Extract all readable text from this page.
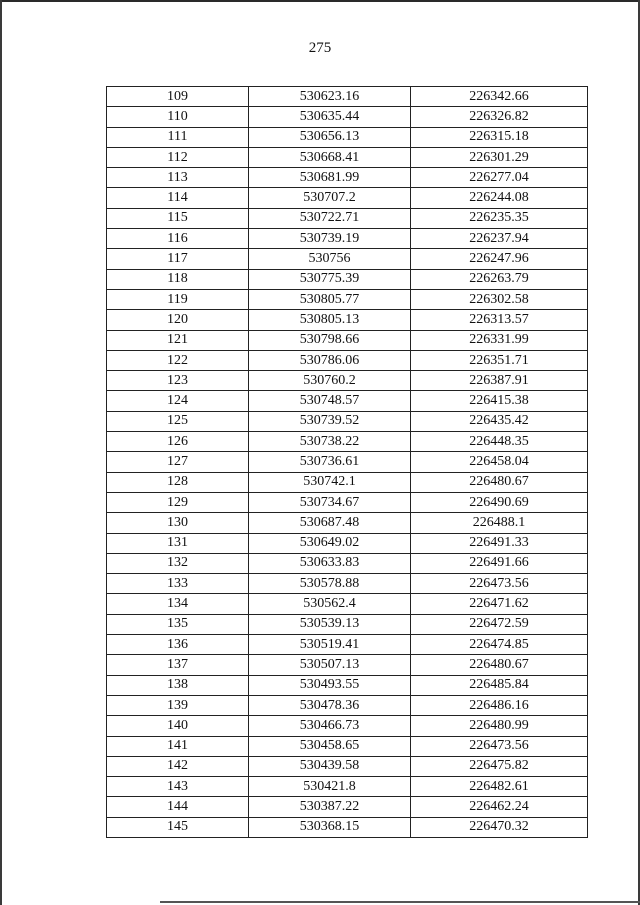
275
109	530623.16	226342.66
110	530635.44	226326.82
111	530656.13	226315.18
112	530668.41	226301.29
113	530681.99	226277.04
114	530707.2	226244.08
115	530722.71	226235.35
116	530739.19	226237.94
117	530756	226247.96
118	530775.39	226263.79
119	530805.77	226302.58
120	530805.13	226313.57
121	530798.66	226331.99
122	530786.06	226351.71
123	530760.2	226387.91
124	530748.57	226415.38
125	530739.52	226435.42
126	530738.22	226448.35
127	530736.61	226458.04
128	530742.1	226480.67
129	530734.67	226490.69
130	530687.48	226488.1
131	530649.02	226491.33
132	530633.83	226491.66
133	530578.88	226473.56
134	530562.4	226471.62
135	530539.13	226472.59
136	530519.41	226474.85
137	530507.13	226480.67
138	530493.55	226485.84
139	530478.36	226486.16
140	530466.73	226480.99
141	530458.65	226473.56
142	530439.58	226475.82
143	530421.8	226482.61
144	530387.22	226462.24
145	530368.15	226470.32
